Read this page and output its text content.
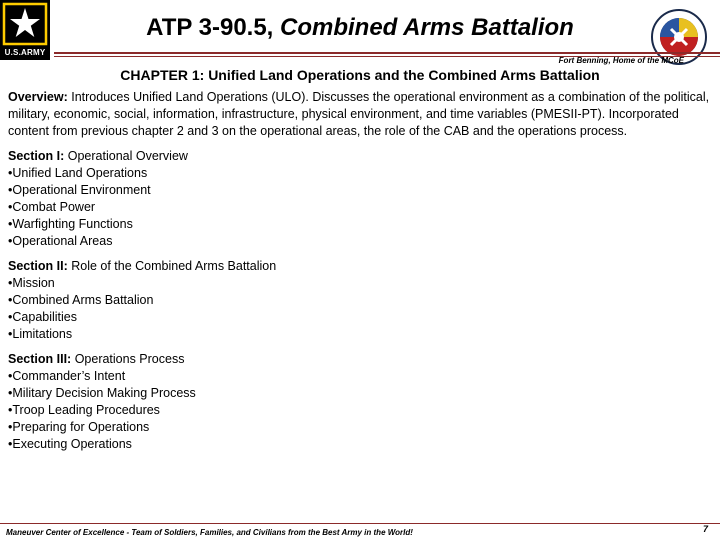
U.S.ARMY
ATP 3-90.5, Combined Arms Battalion
Fort Benning, Home of the MCoE
CHAPTER 1: Unified Land Operations and the Combined Arms Battalion

Overview: Introduces Unified Land Operations (ULO). Discusses the operational environment as a combination of the political, military, economic, social, information, infrastructure, physical environment, and time variables (PMESII-PT). Incorporated content from previous chapter 2 and 3 on the operational areas, the role of the CAB and the operations process.

Section I: Operational Overview

• Unified Land Operations
• Operational Environment
• Combat Power
• Warfighting Functions
• Operational Areas

Section II: Role of the Combined Arms Battalion

• Mission
• Combined Arms Battalion
• Capabilities
• Limitations

Section III: Operations Process

• Commander’s Intent
• Military Decision Making Process
• Troop Leading Procedures
• Preparing for Operations
• Executing Operations
Maneuver Center of Excellence - Team of Soldiers, Families, and Civilians from the Best Army in the World!	7
